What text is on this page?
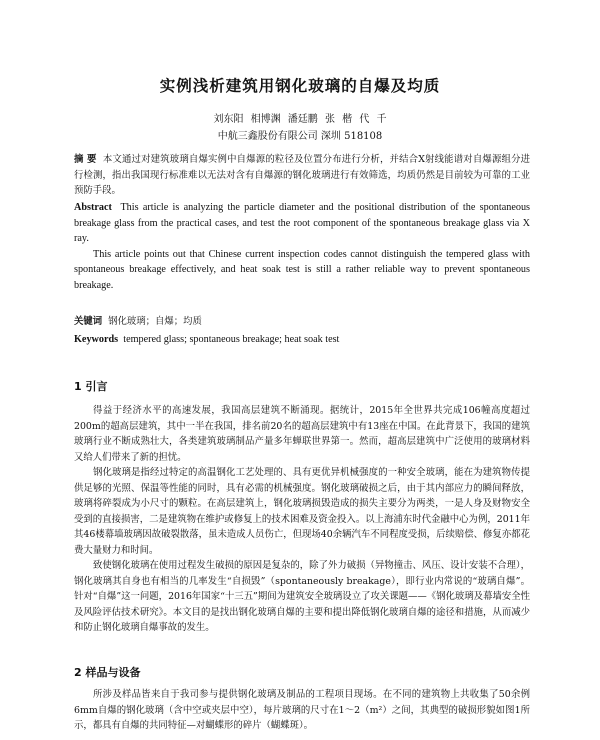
实例浅析建筑用钢化玻璃的自爆及均质
刘东阳 相博渊 潘廷鹏 张 楷 代 千
中航三鑫股份有限公司 深圳 518108

摘 要 本文通过对建筑玻璃自爆实例中自爆源的粒径及位置分布进行分析，并结合X射线能谱对自爆源组分进行检测，指出我国现行标准难以无法对含有自爆源的钢化玻璃进行有效筛选，均质仍然是目前较为可靠的工业预防手段。

Abstract This article is analyzing the particle diameter and the positional distribution of the spontaneous breakage glass from the practical cases, and test the root component of the spontaneous breakage glass via X ray.

This article points out that Chinese current inspection codes cannot distinguish the tempered glass with spontaneous breakage effectively, and heat soak test is still a rather reliable way to prevent spontaneous breakage.

关键词 钢化玻璃；自爆；均质

Keywords tempered glass; spontaneous breakage; heat soak test

1 引言

得益于经济水平的高速发展，我国高层建筑不断涌现。据统计，2015年全世界共完成106幢高度超过200m的超高层建筑，其中一半在我国，排名前20名的超高层建筑中有13座在中国。在此背景下，我国的建筑玻璃行业不断成熟壮大，各类建筑玻璃制品产量多年蝉联世界第一。然而，超高层建筑中广泛使用的玻璃材料又给人们带来了新的担忧。

钢化玻璃是指经过特定的高温钢化工艺处理的、具有更优异机械强度的一种安全玻璃，能在为建筑物传提供足够的光照、保温等性能的同时，具有必需的机械强度。钢化玻璃破损之后，由于其内部应力的瞬间释放，玻璃将碎裂成为小尺寸的颗粒。在高层建筑上，钢化玻璃损毁造成的损失主要分为两类，一是人身及财物安全受到的直接损害，二是建筑物在维护或修复上的技术困难及资金投入。以上海浦东时代金融中心为例，2011年其46楼幕墙玻璃因故破裂散落，虽未造成人员伤亡，但现场40余辆汽车不同程度受损，后续赔偿、修复亦都花费大量财力和时间。

致使钢化玻璃在使用过程发生破损的原因是复杂的，除了外力破损（异物撞击、风压、设计安装不合理），钢化玻璃其自身也有相当的几率发生“自损毁”（spontaneously breakage），即行业内常说的“玻璃自爆”。针对“自爆”这一问题，2016年国家“十三五”期间为建筑安全玻璃设立了攻关课题——《钢化玻璃及幕墙安全性及风险评估技术研究》。本文目的是找出钢化玻璃自爆的主要和提出降低钢化玻璃自爆的途径和措施，从而减少和防止钢化玻璃自爆事故的发生。

2 样品与设备

所涉及样品皆来自于我司参与提供钢化玻璃及制品的工程项目现场。在不同的建筑物上共收集了50余例6mm自爆的钢化玻璃（含中空或夹层中空），每片玻璃的尺寸在1～2（m²）之间，其典型的破损形貌如图1所示，都具有自爆的共同特征—对蝴蝶形的碎片（蝴蝶斑）。
